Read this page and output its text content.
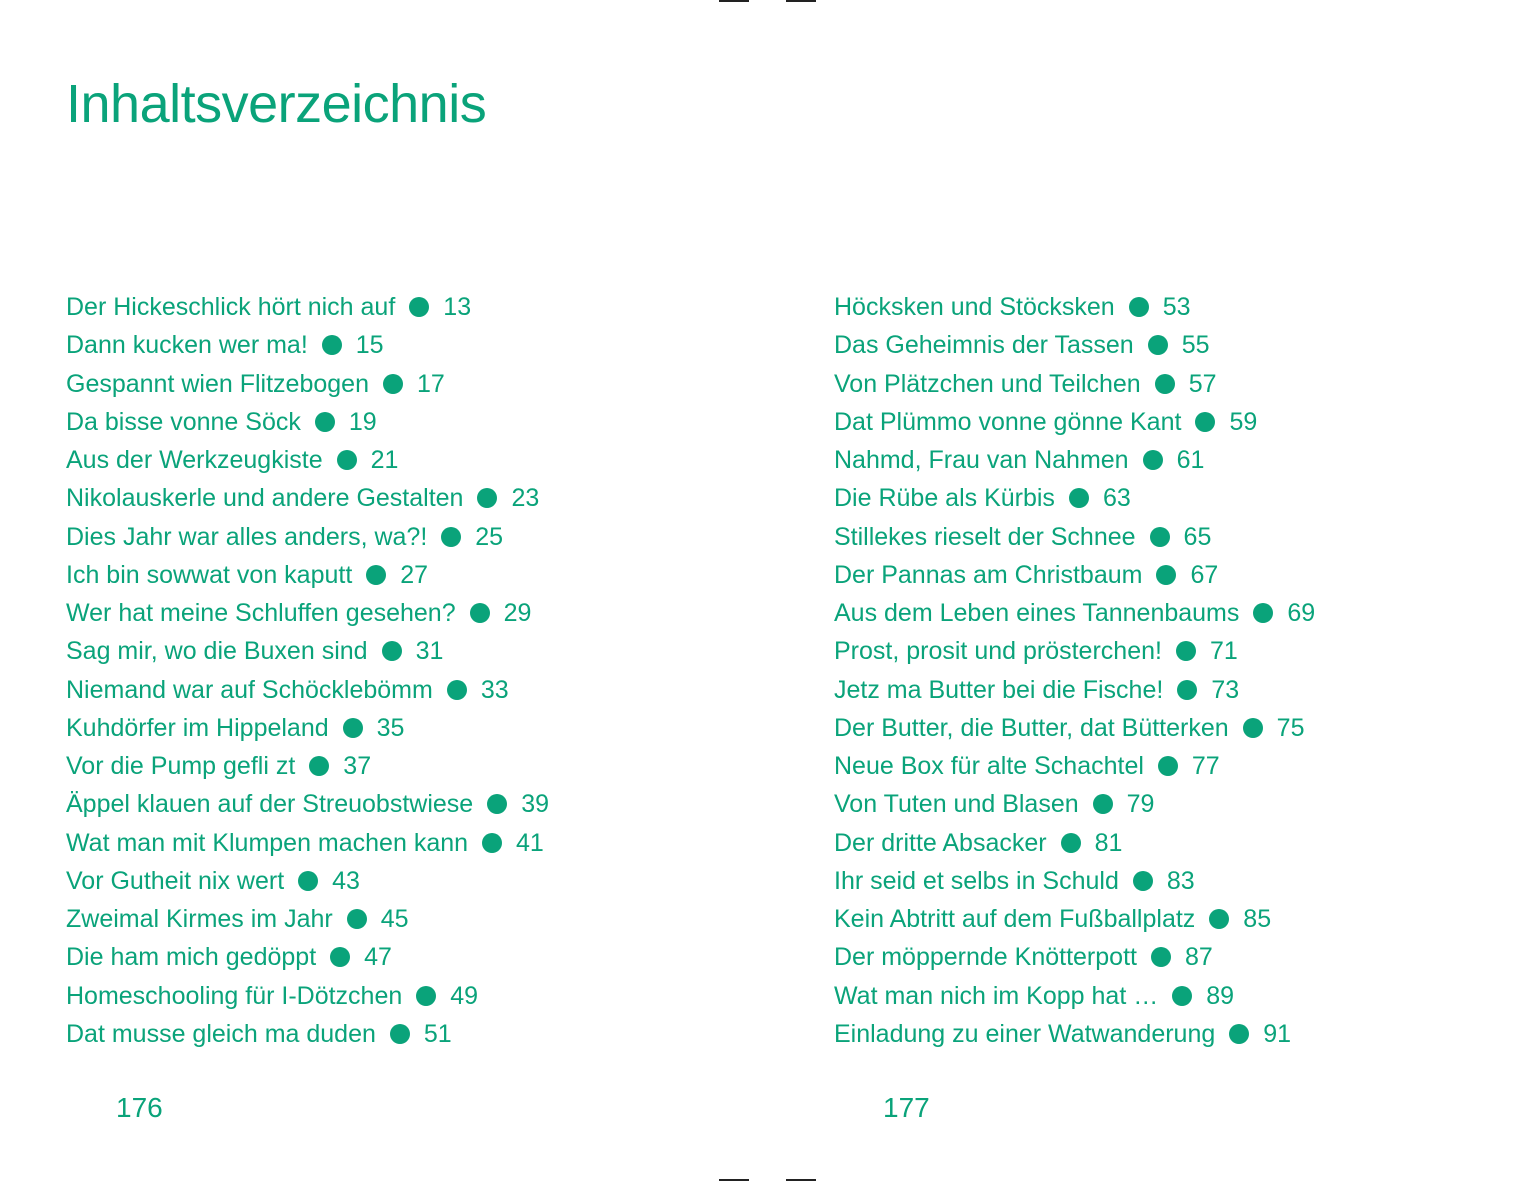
Inhaltsverzeichnis
Der Hickeschlick hört nich auf 13
Dann kucken wer ma! 15
Gespannt wien Flitzebogen 17
Da bisse vonne Söck 19
Aus der Werkzeugkiste 21
Nikolauskerle und andere Gestalten 23
Dies Jahr war alles anders, wa?! 25
Ich bin sowwat von kaputt 27
Wer hat meine Schluffen gesehen? 29
Sag mir, wo die Buxen sind 31
Niemand war auf Schöcklebömm 33
Kuhdörfer im Hippeland 35
Vor die Pump gefli zt 37
Äppel klauen auf der Streuobstwiese 39
Wat man mit Klumpen machen kann 41
Vor Gutheit nix wert 43
Zweimal Kirmes im Jahr 45
Die ham mich gedöppt 47
Homeschooling für I-Dötzchen 49
Dat musse gleich ma duden 51
Höcksken und Stöcksken 53
Das Geheimnis der Tassen 55
Von Plätzchen und Teilchen 57
Dat Plümmo vonne gönne Kant 59
Nahmd, Frau van Nahmen 61
Die Rübe als Kürbis 63
Stillekes rieselt der Schnee 65
Der Pannas am Christbaum 67
Aus dem Leben eines Tannenbaums 69
Prost, prosit und prösterchen! 71
Jetz ma Butter bei die Fische! 73
Der Butter, die Butter, dat Bütterken 75
Neue Box für alte Schachtel 77
Von Tuten und Blasen 79
Der dritte Absacker 81
Ihr seid et selbs in Schuld 83
Kein Abtritt auf dem Fußballplatz 85
Der möppernde Knötterpott 87
Wat man nich im Kopp hat … 89
Einladung zu einer Watwanderung 91
176	177
